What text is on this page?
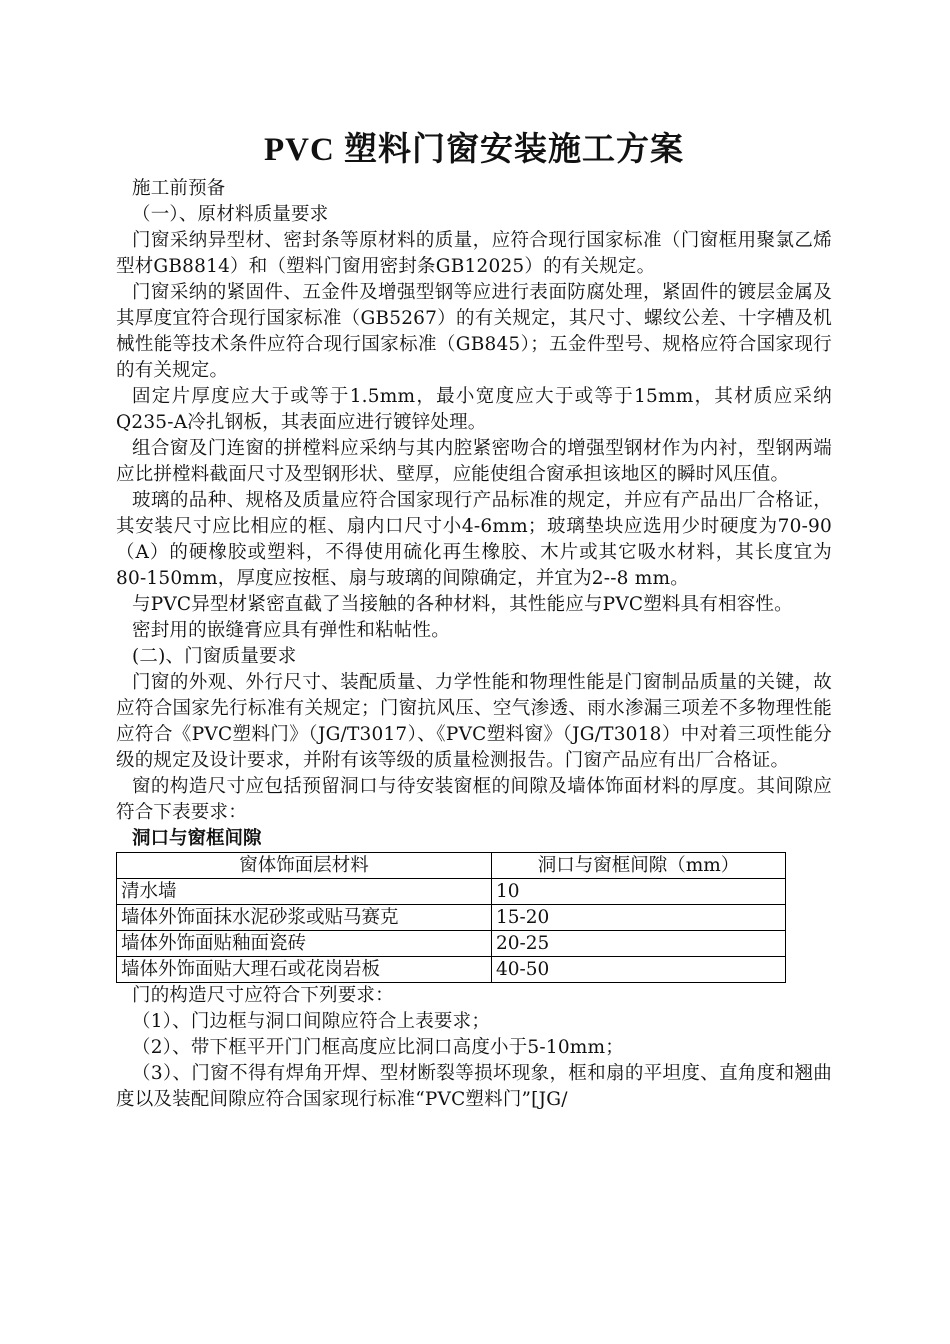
PVC 塑料门窗安装施工方案

施工前预备

（一）、原材料质量要求

门窗采纳异型材、密封条等原材料的质量，应符合现行国家标准（门窗框用聚氯乙烯型材GB8814）和（塑料门窗用密封条GB12025）的有关规定。

门窗采纳的紧固件、五金件及增强型钢等应进行表面防腐处理，紧固件的镀层金属及其厚度宜符合现行国家标准（GB5267）的有关规定，其尺寸、螺纹公差、十字槽及机械性能等技术条件应符合现行国家标准（GB845）；五金件型号、规格应符合国家现行的有关规定。

固定片厚度应大于或等于1.5mm，最小宽度应大于或等于15mm，其材质应采纳Q235-A冷扎钢板，其表面应进行镀锌处理。

组合窗及门连窗的拼樘料应采纳与其内腔紧密吻合的增强型钢材作为内衬，型钢两端应比拼樘料截面尺寸及型钢形状、壁厚，应能使组合窗承担该地区的瞬时风压值。

玻璃的品种、规格及质量应符合国家现行产品标准的规定，并应有产品出厂合格证，其安装尺寸应比相应的框、扇内口尺寸小4-6mm；玻璃垫块应选用少时硬度为70-90（A）的硬橡胶或塑料，不得使用硫化再生橡胶、木片或其它吸水材料，其长度宜为80-150mm，厚度应按框、扇与玻璃的间隙确定，并宜为2--8 mm。

与PVC异型材紧密直截了当接触的各种材料，其性能应与PVC塑料具有相容性。

密封用的嵌缝膏应具有弹性和粘帖性。

(二)、门窗质量要求

门窗的外观、外行尺寸、装配质量、力学性能和物理性能是门窗制品质量的关键，故应符合国家先行标准有关规定；门窗抗风压、空气渗透、雨水渗漏三项差不多物理性能应符合《PVC塑料门》（JG/T3017）、《PVC塑料窗》（JG/T3018）中对着三项性能分级的规定及设计要求，并附有该等级的质量检测报告。门窗产品应有出厂合格证。

窗的构造尺寸应包括预留洞口与待安装窗框的间隙及墙体饰面材料的厚度。其间隙应符合下表要求：

洞口与窗框间隙

窗体饰面层材料	洞口与窗框间隙（mm）
清水墙	10
墙体外饰面抹水泥砂浆或贴马赛克	15-20
墙体外饰面贴釉面瓷砖	20-25
墙体外饰面贴大理石或花岗岩板	40-50

门的构造尺寸应符合下列要求：

（1）、门边框与洞口间隙应符合上表要求；

（2）、带下框平开门门框高度应比洞口高度小于5-10mm；

（3）、门窗不得有焊角开焊、型材断裂等损坏现象，框和扇的平坦度、直角度和翘曲度以及装配间隙应符合国家现行标准“PVC塑料门”[JG/
